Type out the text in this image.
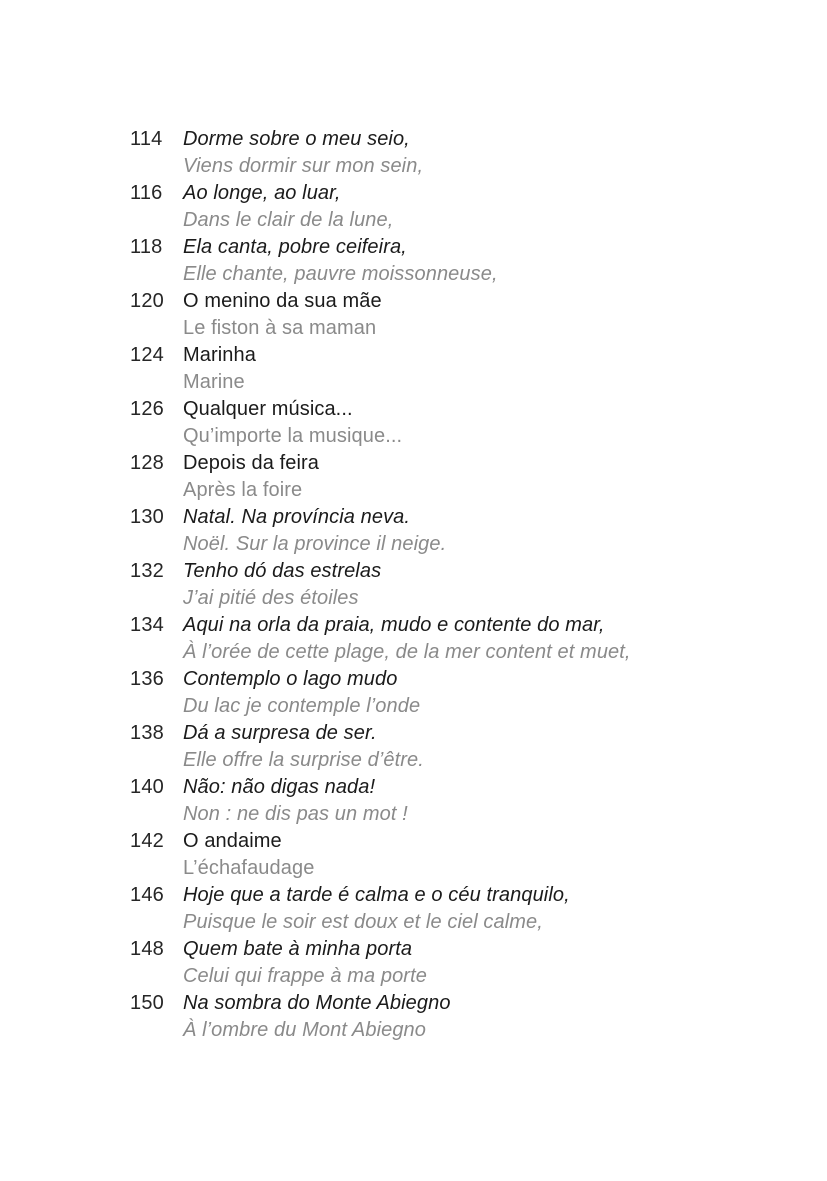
114	Dorme sobre o meu seio,
Viens dormir sur mon sein,
116	Ao longe, ao luar,
Dans le clair de la lune,
118	Ela canta, pobre ceifeira,
Elle chante, pauvre moissonneuse,
120 O menino da sua mãe
Le fiston à sa maman
124 Marinha
Marine
126 Qualquer música...
Qu’importe la musique...
128 Depois da feira
Après la foire
130 Natal. Na província neva.
Noël. Sur la province il neige.
132 Tenho dó das estrelas
J’ai pitié des étoiles
134 Aqui na orla da praia, mudo e contente do mar,
À l’orée de cette plage, de la mer content et muet,
136 Contemplo o lago mudo
Du lac je contemple l’onde
138 Dá a surpresa de ser.
Elle offre la surprise d’être.
140 Não: não digas nada!
Non : ne dis pas un mot !
142 O andaime
L’échafaudage
146 Hoje que a tarde é calma e o céu tranquilo,
Puisque le soir est doux et le ciel calme,
148 Quem bate à minha porta
Celui qui frappe à ma porte
150 Na sombra do Monte Abiegno
À l’ombre du Mont Abiegno
